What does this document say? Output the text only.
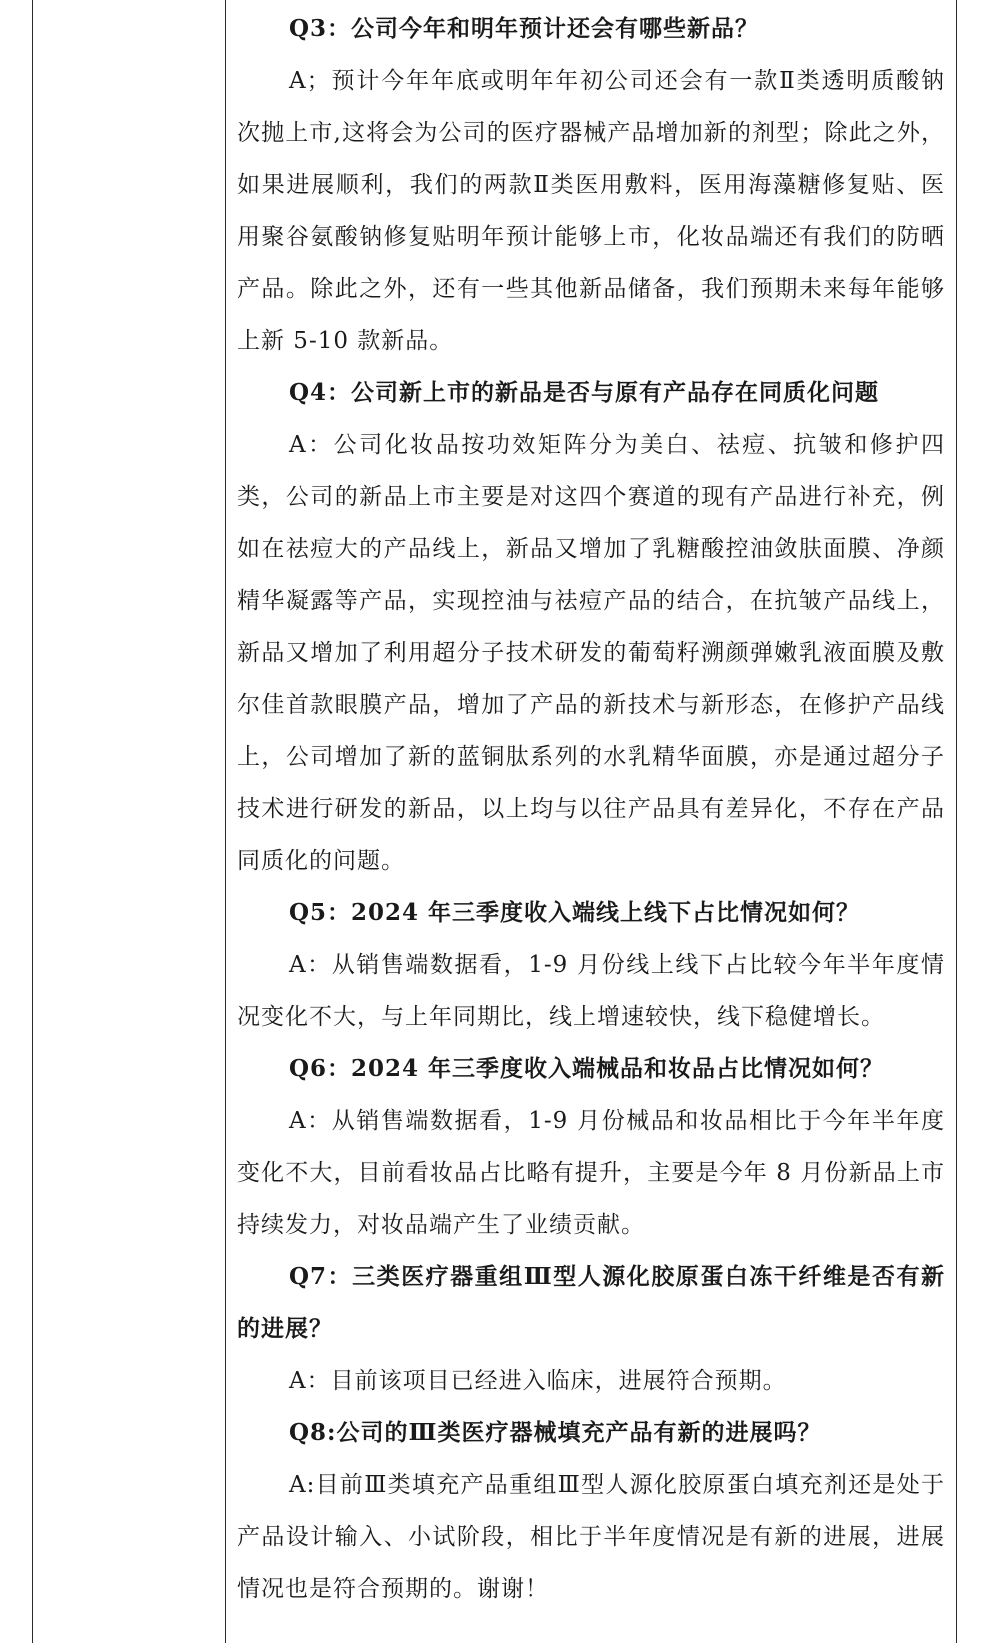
Q3：公司今年和明年预计还会有哪些新品？

A；预计今年年底或明年年初公司还会有一款Ⅱ类透明质酸钠次抛上市,这将会为公司的医疗器械产品增加新的剂型；除此之外，如果进展顺利，我们的两款Ⅱ类医用敷料，医用海藻糖修复贴、医用聚谷氨酸钠修复贴明年预计能够上市，化妆品端还有我们的防晒产品。除此之外，还有一些其他新品储备，我们预期未来每年能够上新 5-10 款新品。

Q4：公司新上市的新品是否与原有产品存在同质化问题

A：公司化妆品按功效矩阵分为美白、祛痘、抗皱和修护四类，公司的新品上市主要是对这四个赛道的现有产品进行补充，例如在祛痘大的产品线上，新品又增加了乳糖酸控油敛肤面膜、净颜精华凝露等产品，实现控油与祛痘产品的结合，在抗皱产品线上，新品又增加了利用超分子技术研发的葡萄籽溯颜弹嫩乳液面膜及敷尔佳首款眼膜产品，增加了产品的新技术与新形态，在修护产品线上，公司增加了新的蓝铜肽系列的水乳精华面膜，亦是通过超分子技术进行研发的新品，以上均与以往产品具有差异化，不存在产品同质化的问题。

Q5：2024 年三季度收入端线上线下占比情况如何？

A：从销售端数据看，1-9 月份线上线下占比较今年半年度情况变化不大，与上年同期比，线上增速较快，线下稳健增长。

Q6：2024 年三季度收入端械品和妆品占比情况如何？

A：从销售端数据看，1-9 月份械品和妆品相比于今年半年度变化不大，目前看妆品占比略有提升，主要是今年 8 月份新品上市持续发力，对妆品端产生了业绩贡献。

Q7：三类医疗器重组Ⅲ型人源化胶原蛋白冻干纤维是否有新的进展？

A：目前该项目已经进入临床，进展符合预期。

Q8:公司的Ⅲ类医疗器械填充产品有新的进展吗？

A:目前Ⅲ类填充产品重组Ⅲ型人源化胶原蛋白填充剂还是处于产品设计输入、小试阶段，相比于半年度情况是有新的进展，进展情况也是符合预期的。谢谢！
